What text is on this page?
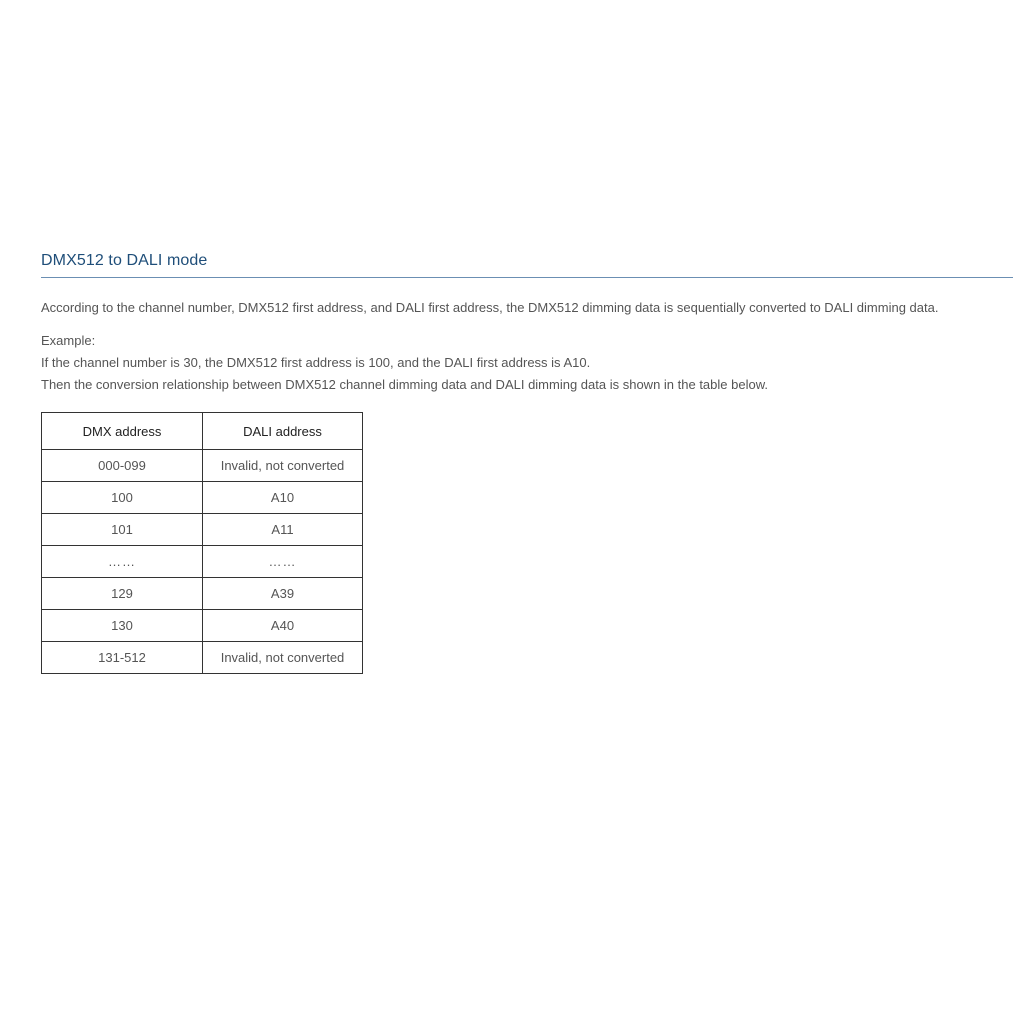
DMX512 to DALI mode
According to the channel number, DMX512 first address, and DALI first address, the DMX512 dimming data is sequentially converted to DALI dimming data.
Example:
If the channel number is 30, the DMX512 first address is 100, and the DALI first address is A10.
Then the conversion relationship between DMX512 channel dimming data and DALI dimming data is shown in the table below.
DMX address	DALI address
000-099	Invalid, not converted
100	A10
101	A11
……	……
129	A39
130	A40
131-512	Invalid, not converted
